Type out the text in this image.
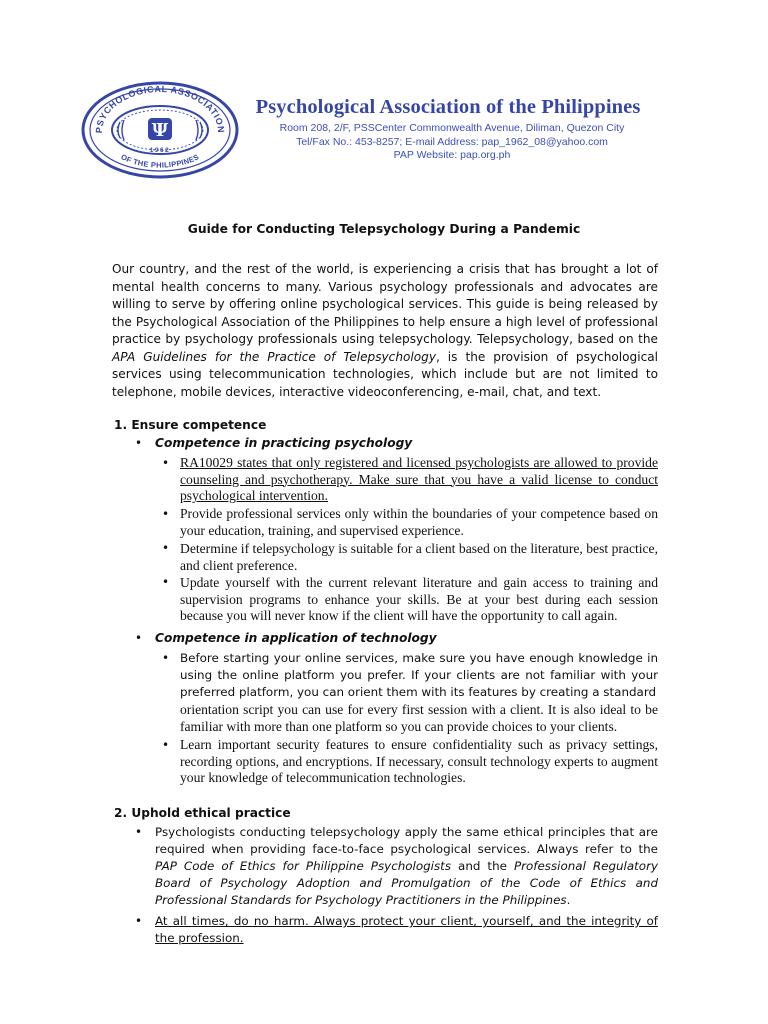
PSYCHOLOGICAL ASSOCIATION
OF THE PHILIPPINES
Ψ
1962
Psychological Association of the Philippines
Room 208, 2/F, PSSCenter Commonwealth Avenue, Diliman, Quezon City
Tel/Fax No.: 453-8257; E-mail Address: pap_1962_08@yahoo.com
PAP Website: pap.org.ph
Guide for Conducting Telepsychology During a Pandemic
Our country, and the rest of the world, is experiencing a crisis that has brought a lot of mental health concerns to many. Various psychology professionals and advocates are willing to serve by offering online psychological services. This guide is being released by the Psychological Association of the Philippines to help ensure a high level of professional practice by psychology professionals using telepsychology. Telepsychology, based on the APA Guidelines for the Practice of Telepsychology, is the provision of psychological services using telecommunication technologies, which include but are not limited to telephone, mobile devices, interactive videoconferencing, e-mail, chat, and text.
1. Ensure competence
• Competence in practicing psychology
• RA10029 states that only registered and licensed psychologists are allowed to provide counseling and psychotherapy. Make sure that you have a valid license to conduct psychological intervention.
• Provide professional services only within the boundaries of your competence based on your education, training, and supervised experience.
• Determine if telepsychology is suitable for a client based on the literature, best practice, and client preference.
• Update yourself with the current relevant literature and gain access to training and supervision programs to enhance your skills. Be at your best during each session because you will never know if the client will have the opportunity to call again.
• Competence in application of technology
• Before starting your online services, make sure you have enough knowledge in using the online platform you prefer. If your clients are not familiar with your preferred platform, you can orient them with its features by creating a standard
orientation script you can use for every first session with a client. It is also ideal to be familiar with more than one platform so you can provide choices to your clients.
• Learn important security features to ensure confidentiality such as privacy settings, recording options, and encryptions. If necessary, consult technology experts to augment your knowledge of telecommunication technologies.
2. Uphold ethical practice
• Psychologists conducting telepsychology apply the same ethical principles that are required when providing face-to-face psychological services. Always refer to the PAP Code of Ethics for Philippine Psychologists and the Professional Regulatory Board of Psychology Adoption and Promulgation of the Code of Ethics and Professional Standards for Psychology Practitioners in the Philippines.
• At all times, do no harm. Always protect your client, yourself, and the integrity of the profession.
